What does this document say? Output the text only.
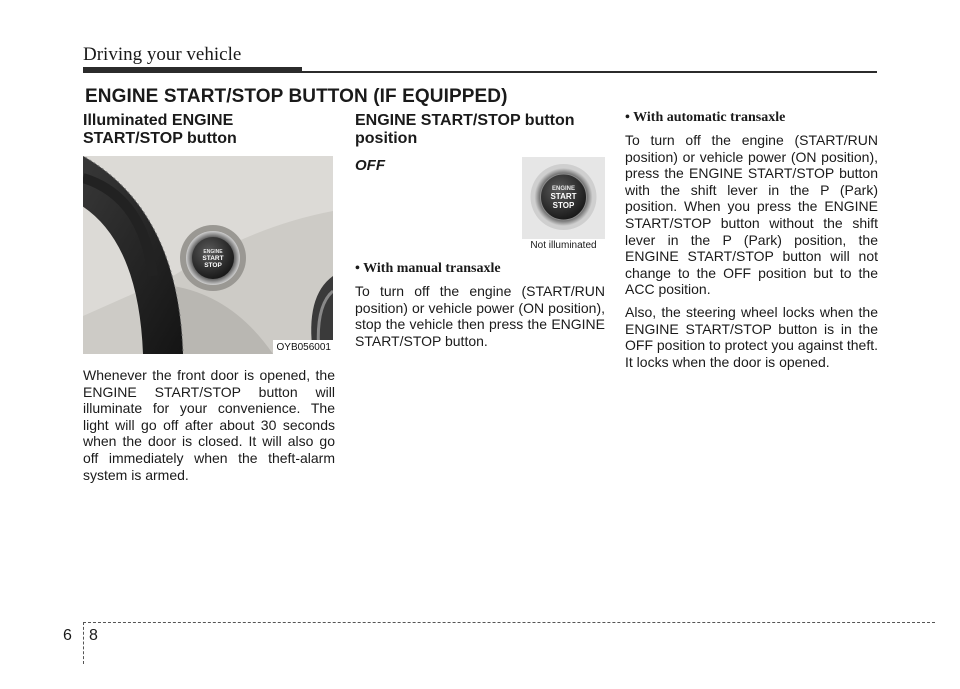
Driving your vehicle
ENGINE START/STOP BUTTON (IF EQUIPPED)
Illuminated ENGINE
START/STOP button
ENGINE
START
STOP
OYB056001

Whenever the front door is opened, the ENGINE START/STOP button will illuminate for your convenience. The light will go off after about 30 seconds when the door is closed. It will also go off immediately when the theft-alarm system is armed.

ENGINE START/STOP button
position
OFF
• With manual transaxle

To turn off the engine (START/RUN position) or vehicle power (ON position), stop the vehicle then press the ENGINE START/STOP button.

ENGINE
START
STOP
Not illuminated
• With automatic transaxle

To turn off the engine (START/RUN position) or vehicle power (ON position), press the ENGINE START/STOP button with the shift lever in the P (Park) position. When you press the ENGINE START/STOP button without the shift lever in the P (Park) position, the ENGINE START/STOP button will not change to the OFF position but to the ACC position.

Also, the steering wheel locks when the ENGINE START/STOP button is in the OFF position to protect you against theft. It locks when the door is opened.

6 8
